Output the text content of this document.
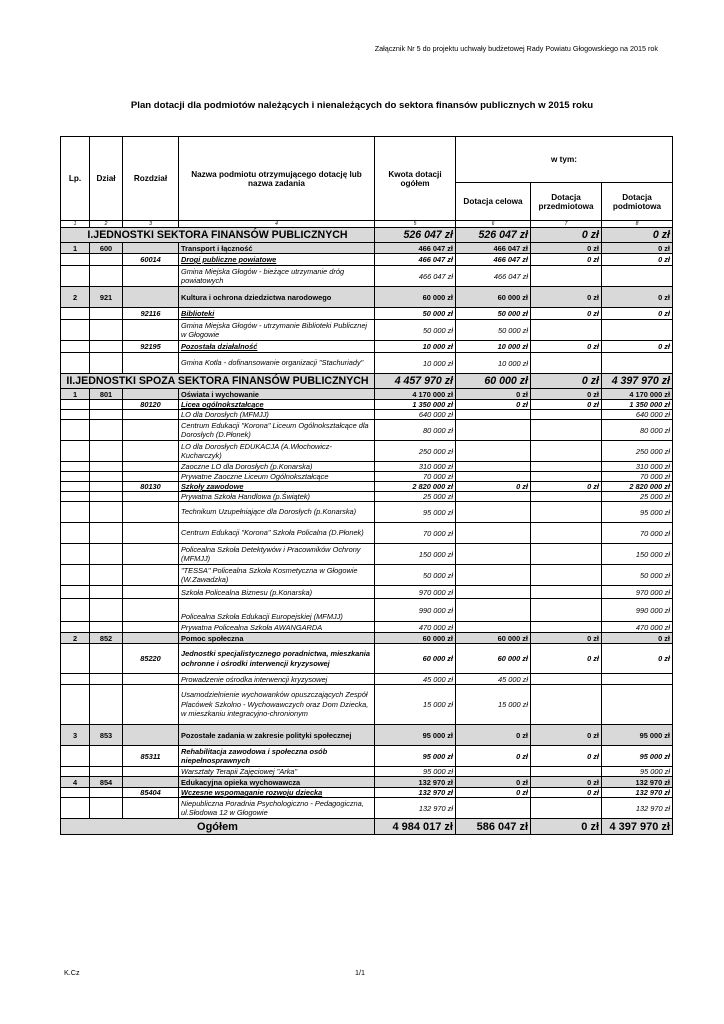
Załącznik Nr 5 do projektu uchwały budżetowej Rady Powiatu Głogowskiego na 2015 rok
Plan dotacji dla podmiotów należących i nienależących do sektora finansów publicznych w 2015 roku
Lp.	Dział	Rozdział	Nazwa podmiotu otrzymującego dotację lub nazwa zadania	Kwota dotacji ogółem	w tym:		
					Dotacja celowa	Dotacja przedmiotowa	Dotacja podmiotowa
1	2	3	4	5	6	7	8
I.JEDNOSTKI SEKTORA FINANSÓW PUBLICZNYCH				526 047 zł	526 047 zł	0 zł	0 zł
1	600		Transport i łączność	466 047 zł	466 047 zł	0 zł	0 zł
		60014	Drogi publiczne powiatowe	466 047 zł	466 047 zł	0 zł	0 zł
			Gmina Miejska Głogów - bieżące utrzymanie dróg powiatowych	466 047 zł	466 047 zł		
2	921		Kultura i ochrona dziedzictwa narodowego	60 000 zł	60 000 zł	0 zł	0 zł
		92116	Biblioteki	50 000 zł	50 000 zł	0 zł	0 zł
			Gmina Miejska Głogów - utrzymanie Biblioteki Publicznej w Głogowie	50 000 zł	50 000 zł		
		92195	Pozostała działalność	10 000 zł	10 000 zł	0 zł	0 zł
			Gmina Kotla - dofinansowanie organizacji "Stachuriady"	10 000 zł	10 000 zł		
II.JEDNOSTKI SPOZA SEKTORA FINANSÓW PUBLICZNYCH				4 457 970 zł	60 000 zł	0 zł	4 397 970 zł
1	801		Oświata i wychowanie	4 170 000 zł	0 zł	0 zł	4 170 000 zł
		80120	Licea ogólnokształcące	1 350 000 zł	0 zł	0 zł	1 350 000 zł
			LO dla Dorosłych (MFMJJ)	640 000 zł			640 000 zł
			Centrum Edukacji "Korona" Liceum Ogólnokształcące dla Dorosłych (D.Płonek)	80 000 zł			80 000 zł
			LO dla Dorosłych EDUKACJA (A.Włochowicz-Kucharczyk)	250 000 zł			250 000 zł
			Zaoczne LO dla Dorosłych (p.Konarska)	310 000 zł			310 000 zł
			Prywatne Zaoczne Liceum Ogólnokształcące	70 000 zł			70 000 zł
		80130	Szkoły zawodowe	2 820 000 zł	0 zł	0 zł	2 820 000 zł
			Prywatna Szkoła Handlowa (p.Świątek)	25 000 zł			25 000 zł
			Technikum Uzupełniające dla Dorosłych (p.Konarska)	95 000 zł			95 000 zł
			Centrum Edukacji "Korona" Szkoła Policalna (D.Płonek)	70 000 zł			70 000 zł
			Policealna Szkoła Detektywów i Pracowników Ochrony (MFMJJ)	150 000 zł			150 000 zł
			"TESSA" Policealna Szkoła Kosmetyczna w Głogowie (W.Zawadzka)	50 000 zł			50 000 zł
			Szkoła Policealna Biznesu (p.Konarska)	970 000 zł			970 000 zł
			Policealna Szkoła Edukacji Europejskiej (MFMJJ)	990 000 zł			990 000 zł
			Prywatna Policealna Szkoła AWANGARDA	470 000 zł			470 000 zł
2	852		Pomoc społeczna	60 000 zł	60 000 zł	0 zł	0 zł
		85220	Jednostki specjalistycznego poradnictwa, mieszkania ochronne i ośrodki interwencji kryzysowej	60 000 zł	60 000 zł	0 zł	0 zł
			Prowadzenie ośrodka interwencji kryzysowej	45 000 zł	45 000 zł		
			Usamodzielnienie wychowanków opuszczających Zespół Placówek Szkolno - Wychowawczych oraz Dom Dziecka, w mieszkaniu integracyjno-chronionym	15 000 zł	15 000 zł		
3	853		Pozostałe zadania w zakresie polityki społecznej	95 000 zł	0 zł	0 zł	95 000 zł
		85311	Rehabilitacja zawodowa i społeczna osób niepełnosprawnych	95 000 zł	0 zł	0 zł	95 000 zł
			Warsztaty Terapii Zajęciowej "Arka"	95 000 zł			95 000 zł
4	854		Edukacyjna opieka wychowawcza	132 970 zł	0 zł	0 zł	132 970 zł
		85404	Wczesne wspomaganie rozwoju dziecka	132 970 zł	0 zł	0 zł	132 970 zł
			Niepubliczna Poradnia Psychologiczno - Pedagogiczna, ul.Słodowa 12 w Głogowie	132 970 zł			132 970 zł
Ogółem				4 984 017 zł	586 047 zł	0 zł	4 397 970 zł
K.Cz	1/1
